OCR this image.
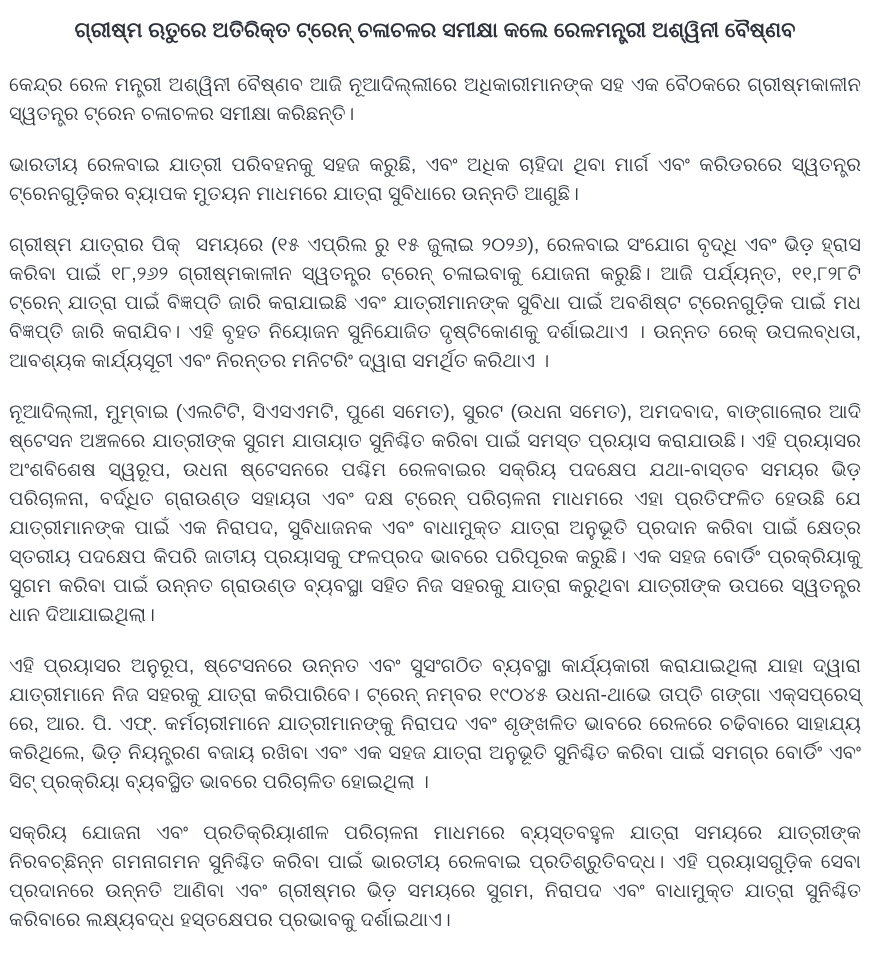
ଗ୍ରୀଷ୍ମ ଋତୁରେ ଅତିରିକ୍ତ ଟ୍ରେନ୍ ଚଳାଚଳର ସମୀକ୍ଷା କଲେ ରେଳମନ୍ତ୍ରୀ ଅଶ୍ୱିନୀ ବୈଷ୍ଣବ

କେନ୍ଦ୍ର ରେଳ ମନ୍ତ୍ରୀ ଅଶ୍ୱିନୀ ବୈଷ୍ଣବ ଆଜି ନୂଆଦିଲ୍ଲୀରେ ଅଧିକାରୀମାନଙ୍କ ସହ ଏକ ବୈଠକରେ ଗ୍ରୀଷ୍ମକାଳୀନ ସ୍ୱତନ୍ତ୍ର ଟ୍ରେନ ଚଳାଚଳର ସମୀକ୍ଷା କରିଛନ୍ତି।

ଭାରତୀୟ ରେଳବାଇ ଯାତ୍ରୀ ପରିବହନକୁ ସହଜ କରୁଛି, ଏବଂ ଅଧିକ ଚାହିଦା ଥିବା ମାର୍ଗ ଏବଂ କରିଡରରେ ସ୍ୱତନ୍ତ୍ର ଟ୍ରେନଗୁଡ଼ିକର ବ୍ୟାପକ ମୁତୟନ ମାଧମରେ ଯାତ୍ରା ସୁବିଧାରେ ଉନ୍ନତି ଆଣୁଛି।

ଗ୍ରୀଷ୍ମ ଯାତ୍ରାର ପିକ୍  ସମୟରେ (୧୫ ଏପ୍ରିଲ ରୁ ୧୫ ଜୁଲାଇ ୨୦୨୬), ରେଳବାଇ ସଂଯୋଗ ବୃଦ୍ଧି ଏବଂ ଭିଡ଼ ହ୍ରାସ କରିବା ପାଇଁ ୧୮,୨୬୨ ଗ୍ରୀଷ୍ମକାଳୀନ ସ୍ୱତନ୍ତ୍ର ଟ୍ରେନ୍ ଚଳାଇବାକୁ ଯୋଜନା କରୁଛି। ଆଜି ପର୍ଯ୍ୟନ୍ତ, ୧୧,୮୨୮ଟି ଟ୍ରେନ୍ ଯାତ୍ରା ପାଇଁ ବିଜ୍ଞପ୍ତି ଜାରି କରାଯାଇଛି ଏବଂ ଯାତ୍ରୀମାନଙ୍କ ସୁବିଧା ପାଇଁ ଅବଶିଷ୍ଟ ଟ୍ରେନଗୁଡ଼ିକ ପାଇଁ ମଧ ବିଜ୍ଞପ୍ତି ଜାରି କରାଯିବ। ଏହି ବୃହତ ନିୟୋଜନ ସୁନିଯୋଜିତ ଦୃଷ୍ଟିକୋଣକୁ ଦର୍ଶାଇଥାଏ । ଉନ୍ନତ ରେକ୍ ଉପଲବ୍ଧତା, ଆବଶ୍ୟକ କାର୍ଯ୍ୟସୂଚୀ ଏବଂ ନିରନ୍ତର ମନିଟରିଂ ଦ୍ୱାରା ସମର୍ଥିତ କରିଥାଏ ।

ନୂଆଦିଲ୍ଲୀ, ମୁମ୍ବାଇ (ଏଲଟିଟି, ସିଏସଏମଟି, ପୁଣେ ସମେତ), ସୁରଟ (ଉଧନା ସମେତ), ଅମଦବାଦ, ବାଙ୍ଗାଲୋର ଆଦି ଷ୍ଟେସନ ଅଞ୍ଚଳରେ ଯାତ୍ରୀଙ୍କ ସୁଗମ ଯାତାୟାତ ସୁନିଶ୍ଚିତ କରିବା ପାଇଁ ସମସ୍ତ ପ୍ରୟାସ କରାଯାଉଛି। ଏହି ପ୍ରୟାସର ଅଂଶବିଶେଷ ସ୍ୱରୂପ, ଉଧନା ଷ୍ଟେସନରେ ପଶ୍ଚିମ ରେଳବାଇର ସକ୍ରିୟ ପଦକ୍ଷେପ ଯଥା-ବାସ୍ତବ ସମୟର ଭିଡ଼ ପରିଚାଳନା, ବର୍ଦ୍ଧିତ ଗ୍ରାଉଣ୍ଡ ସହାୟତା ଏବଂ ଦକ୍ଷ ଟ୍ରେନ୍ ପରିଚାଳନା ମାଧମରେ ଏହା ପ୍ରତିଫଳିତ ହେଉଛି ଯେ ଯାତ୍ରୀମାନଙ୍କ ପାଇଁ ଏକ ନିରାପଦ, ସୁବିଧାଜନକ ଏବଂ ବାଧାମୁକ୍ତ ଯାତ୍ରା ଅନୁଭୂତି ପ୍ରଦାନ କରିବା ପାଇଁ କ୍ଷେତ୍ର ସ୍ତରୀୟ ପଦକ୍ଷେପ କିପରି ଜାତୀୟ ପ୍ରୟାସକୁ ଫଳପ୍ରଦ ଭାବରେ ପରିପୂରକ କରୁଛି। ଏକ ସହଜ ବୋର୍ଡିଂ ପ୍ରକ୍ରିୟାକୁ ସୁଗମ କରିବା ପାଇଁ ଉନ୍ନତ ଗ୍ରାଉଣ୍ଡ ବ୍ୟବସ୍ଥା ସହିତ ନିଜ ସହରକୁ ଯାତ୍ରା କରୁଥିବା ଯାତ୍ରୀଙ୍କ ଉପରେ ସ୍ୱତନ୍ତ୍ର ଧାନ ଦିଆଯାଇଥିଲା।

ଏହି ପ୍ରୟାସର ଅନୁରୂପ, ଷ୍ଟେସନରେ ଉନ୍ନତ ଏବଂ ସୁସଂଗଠିତ ବ୍ୟବସ୍ଥା କାର୍ଯ୍ୟକାରୀ କରାଯାଇଥିଲା ଯାହା ଦ୍ୱାରା ଯାତ୍ରୀମାନେ ନିଜ ସହରକୁ ଯାତ୍ରା କରିପାରିବେ। ଟ୍ରେନ୍ ନମ୍ବର ୧୯୦୪୫ ଉଧନା-ଥାଭେ ତାପ୍ତି ଗଙ୍ଗା ଏକ୍ସପ୍ରେସ୍ ରେ, ଆର. ପି. ଏଫ୍. କର୍ମଚାରୀମାନେ ଯାତ୍ରୀମାନଙ୍କୁ ନିରାପଦ ଏବଂ ଶୃଙ୍ଖଳିତ ଭାବରେ ରେଳରେ ଚଢିବାରେ ସାହାଯ୍ୟ କରିଥିଲେ, ଭିଡ଼ ନିୟନ୍ତ୍ରଣ ବଜାୟ ରଖିବା ଏବଂ ଏକ ସହଜ ଯାତ୍ରା ଅନୁଭୂତି ସୁନିଶ୍ଚିତ କରିବା ପାଇଁ ସମଗ୍ର ବୋର୍ଡିଂ ଏବଂ ସିଟ୍ ପ୍ରକ୍ରିୟା ବ୍ୟବସ୍ଥିତ ଭାବରେ ପରିଚାଳିତ ହୋଇଥିଲା ।

ସକ୍ରିୟ ଯୋଜନା ଏବଂ ପ୍ରତିକ୍ରିୟାଶୀଳ ପରିଚାଳନା ମାଧମରେ ବ୍ୟସ୍ତବହୁଳ ଯାତ୍ରା ସମୟରେ ଯାତ୍ରୀଙ୍କ ନିରବଚ୍ଛିନ୍ନ ଗମନାଗମନ ସୁନିଶ୍ଚିତ କରିବା ପାଇଁ ଭାରତୀୟ ରେଳବାଇ ପ୍ରତିଶ୍ରୁତିବଦ୍ଧ। ଏହି ପ୍ରୟାସଗୁଡ଼ିକ ସେବା ପ୍ରଦାନରେ ଉନ୍ନତି ଆଣିବା ଏବଂ ଗ୍ରୀଷ୍ମର ଭିଡ଼ ସମୟରେ ସୁଗମ, ନିରାପଦ ଏବଂ ବାଧାମୁକ୍ତ ଯାତ୍ରା ସୁନିଶ୍ଚିତ କରିବାରେ ଲକ୍ଷ୍ୟବଦ୍ଧ ହସ୍ତକ୍ଷେପର ପ୍ରଭାବକୁ ଦର୍ଶାଇଥାଏ।
